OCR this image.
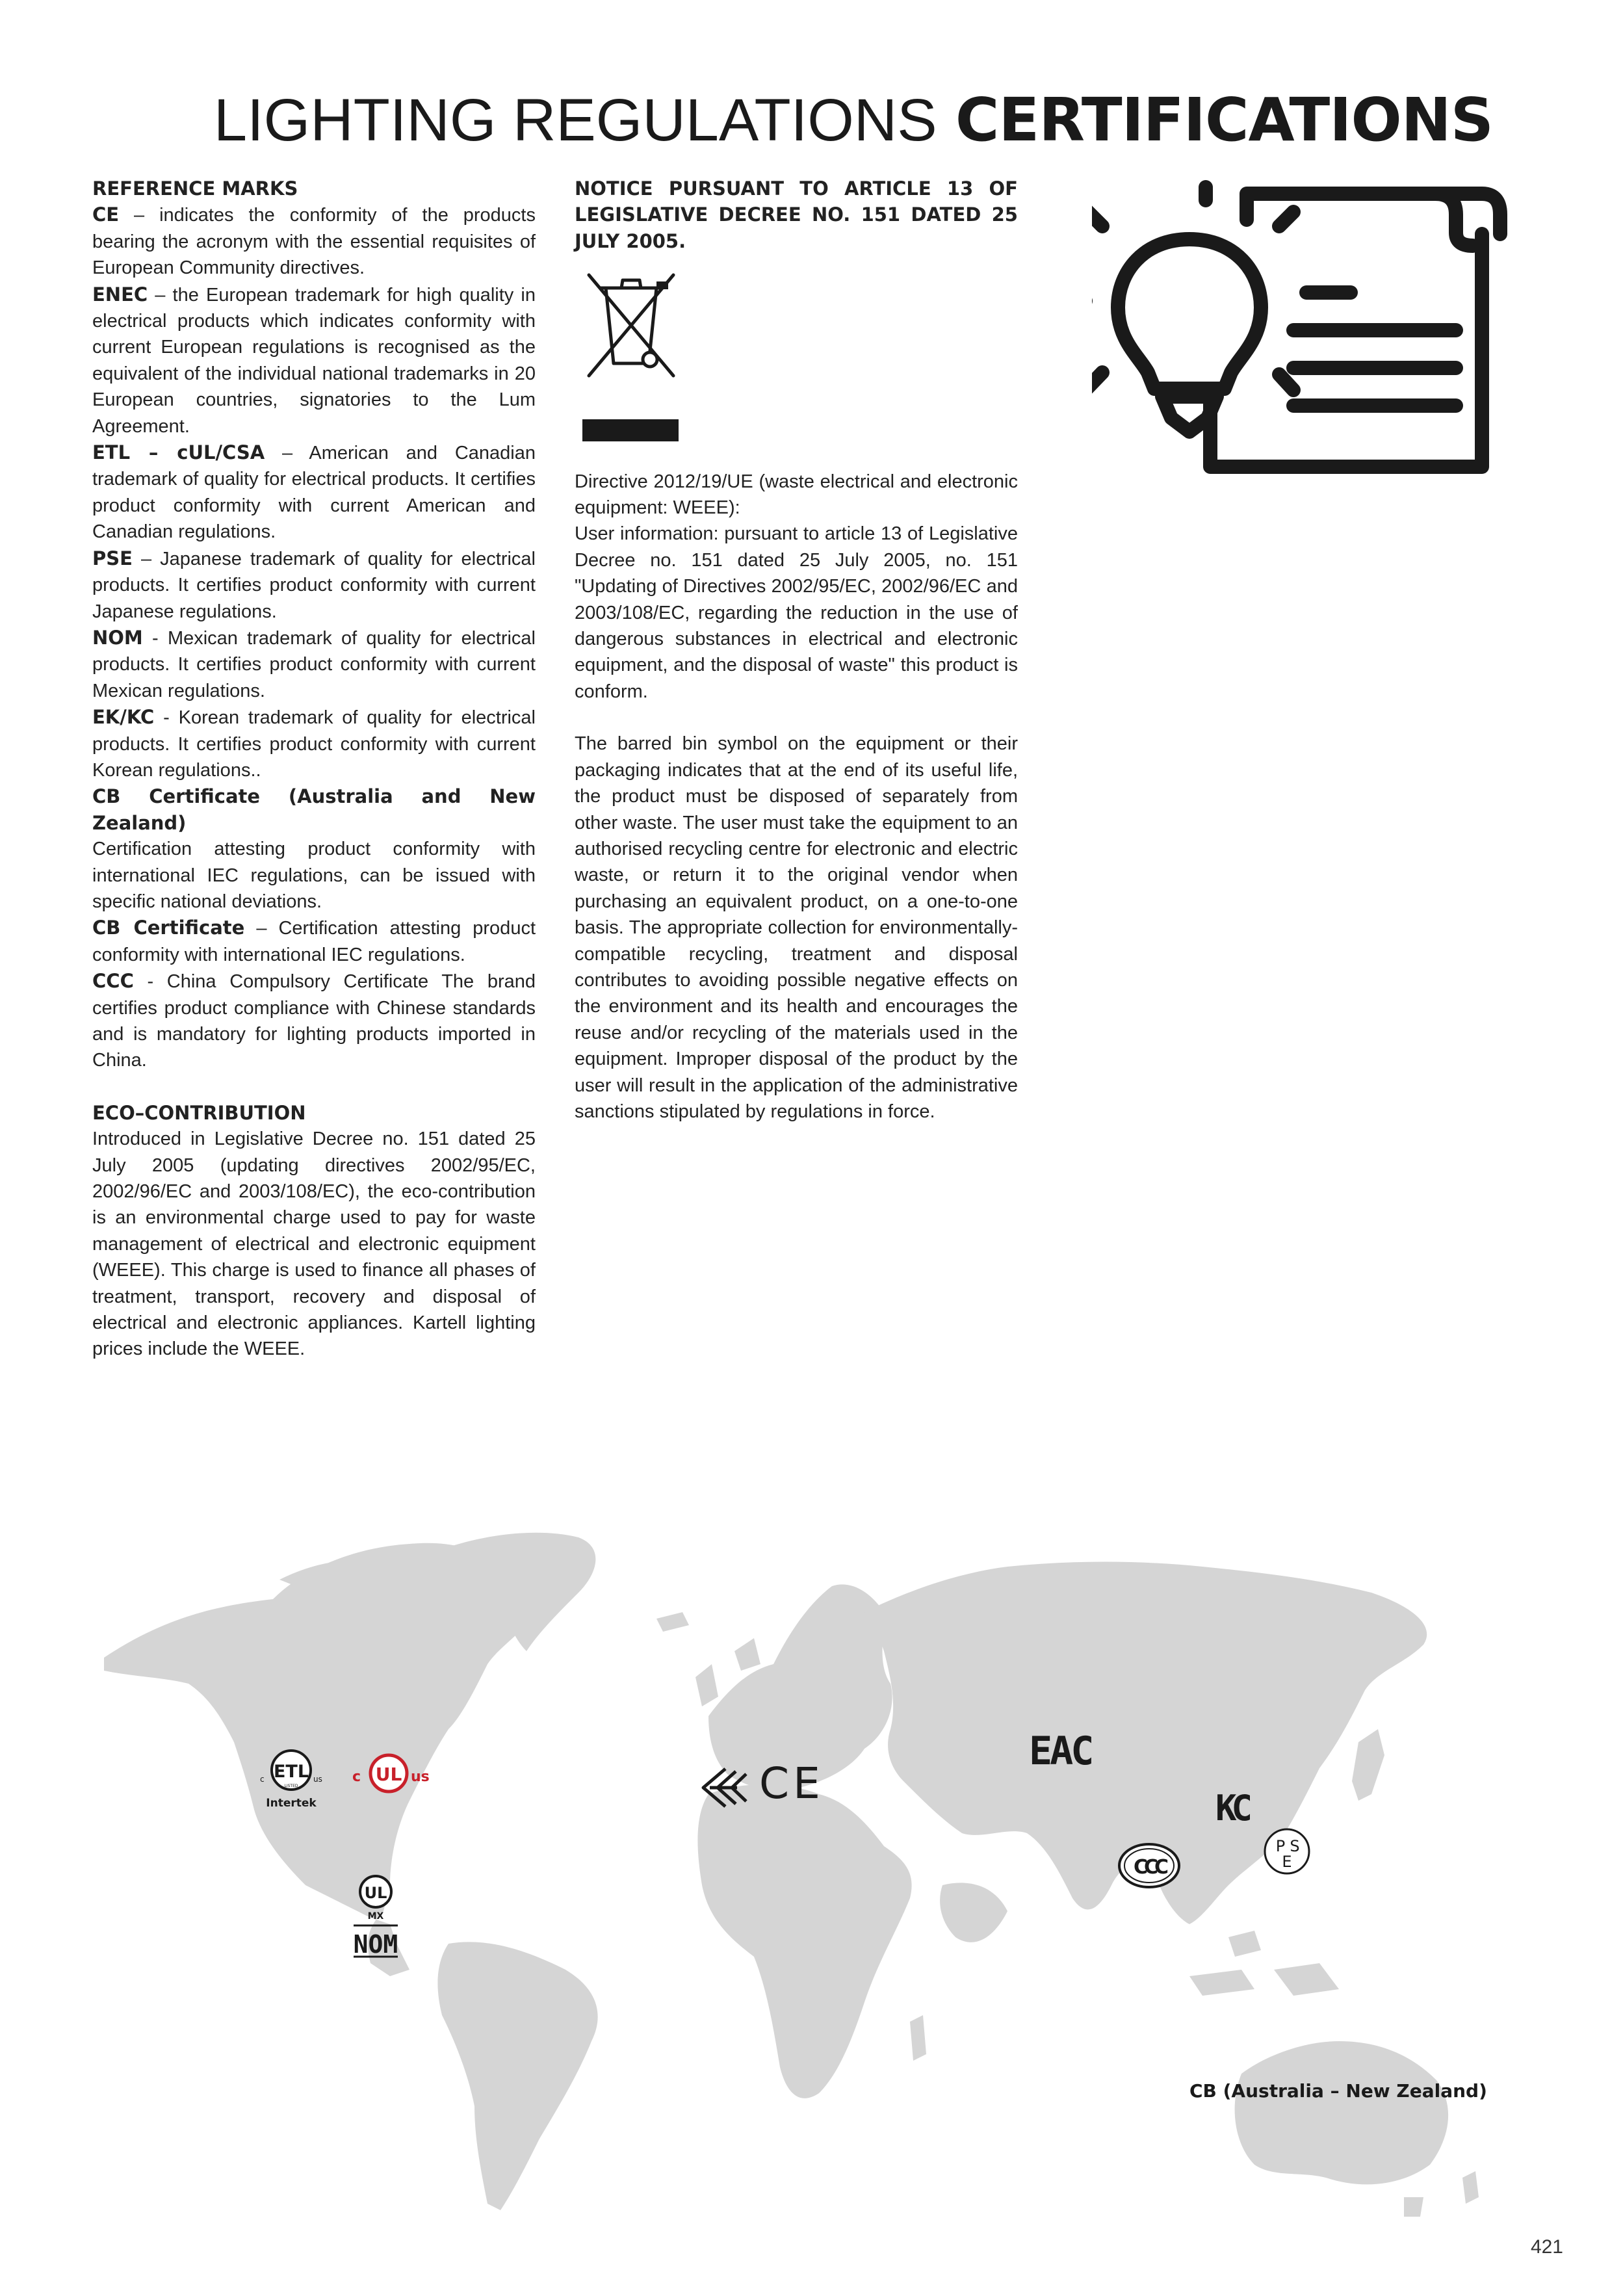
LIGHTING REGULATIONS CERTIFICATIONS
REFERENCE MARKS

CE – indicates the conformity of the products bearing the acronym with the essential requisites of European Community directives.

ENEC – the European trademark for high quality in electrical products which indicates conformity with current European regulations is recognised as the equivalent of the individual national trademarks in 20 European countries, signatories to the Lum Agreement.

ETL – cUL/CSA – American and Canadian trademark of quality for electrical products. It certifies product conformity with current American and Canadian regulations.

PSE – Japanese trademark of quality for electrical products. It certifies product conformity with current Japanese regulations.

NOM - Mexican trademark of quality for electrical products. It certifies product conformity with current Mexican regulations.

EK/KC - Korean trademark of quality for electrical products. It certifies product conformity with current Korean regulations..

CB Certificate (Australia and New Zealand)

Certification attesting product conformity with international IEC regulations, can be issued with specific national deviations.

CB Certificate – Certification attesting product conformity with international IEC regulations.

CCC - China Compulsory Certificate The brand certifies product compliance with Chinese standards and is mandatory for lighting products imported in China.

ECO–CONTRIBUTION

Introduced in Legislative Decree no. 151 dated 25 July 2005 (updating directives 2002/95/EC, 2002/96/EC and 2003/108/EC), the eco-contribution is an environmental charge used to pay for waste management of electrical and electronic equipment (WEEE). This charge is used to finance all phases of treatment, transport, recovery and disposal of electrical and electronic appliances. Kartell lighting prices include the WEEE.

NOTICE PURSUANT TO ARTICLE 13 OF LEGISLATIVE DECREE NO. 151 DATED 25 JULY 2005.

Directive 2012/19/UE (waste electrical and electronic equipment: WEEE):

User information: pursuant to article 13 of Legislative Decree no. 151 dated 25 July 2005, no. 151 "Updating of Directives 2002/95/EC, 2002/96/EC and 2003/108/EC, regarding the reduction in the use of dangerous substances in electrical and electronic equipment, and the disposal of waste" this product is conform.

The barred bin symbol on the equipment or their packaging indicates that at the end of its useful life, the product must be disposed of separately from other waste. The user must take the equipment to an authorised recycling centre for electronic and electric waste, or return it to the original vendor when purchasing an equivalent product, on a one-to-one basis. The appropriate collection for environmentally-compatible recycling, treatment and disposal contributes to avoiding possible negative effects on the environment and its health and encourages the reuse and/or recycling of the materials used in the equipment. Improper disposal of the product by the user will result in the application of the administrative sanctions stipulated by regulations in force.

ETL
LISTED
c	us
Intertek
UL
c	us
UL
MX
NOM
CE
EAC
KC
CCC
P S
E
CB (Australia – New Zealand)
421
